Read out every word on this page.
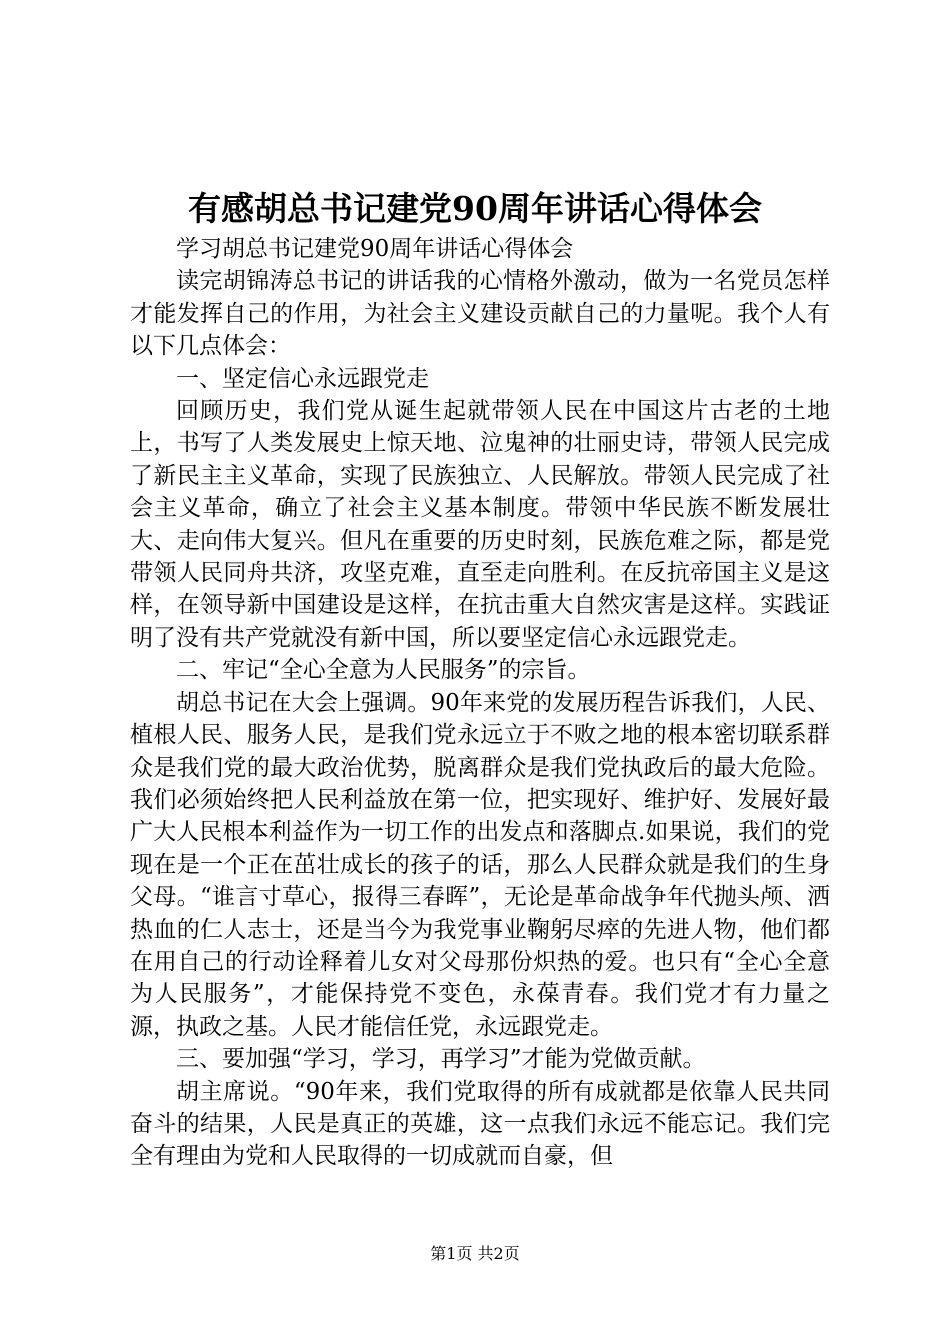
有感胡总书记建党90周年讲话心得体会

学习胡总书记建党90周年讲话心得体会

读完胡锦涛总书记的讲话我的心情格外激动，做为一名党员怎样才能发挥自己的作用，为社会主义建设贡献自己的力量呢。我个人有以下几点体会：

一、坚定信心永远跟党走

回顾历史，我们党从诞生起就带领人民在中国这片古老的土地上，书写了人类发展史上惊天地、泣鬼神的壮丽史诗，带领人民完成了新民主主义革命，实现了民族独立、人民解放。带领人民完成了社会主义革命，确立了社会主义基本制度。带领中华民族不断发展壮大、走向伟大复兴。但凡在重要的历史时刻，民族危难之际，都是党带领人民同舟共济，攻坚克难，直至走向胜利。在反抗帝国主义是这样，在领导新中国建设是这样，在抗击重大自然灾害是这样。实践证明了没有共产党就没有新中国，所以要坚定信心永远跟党走。

二、牢记“全心全意为人民服务”的宗旨。

胡总书记在大会上强调。90年来党的发展历程告诉我们，人民、植根人民、服务人民，是我们党永远立于不败之地的根本密切联系群众是我们党的最大政治优势，脱离群众是我们党执政后的最大危险。我们必须始终把人民利益放在第一位，把实现好、维护好、发展好最广大人民根本利益作为一切工作的出发点和落脚点.如果说，我们的党现在是一个正在茁壮成长的孩子的话，那么人民群众就是我们的生身父母。“谁言寸草心，报得三春晖”，无论是革命战争年代抛头颅、洒热血的仁人志士，还是当今为我党事业鞠躬尽瘁的先进人物，他们都在用自己的行动诠释着儿女对父母那份炽热的爱。也只有“全心全意为人民服务”，才能保持党不变色，永葆青春。我们党才有力量之源，执政之基。人民才能信任党，永远跟党走。

三、要加强“学习，学习，再学习”才能为党做贡献。

胡主席说。“90年来，我们党取得的所有成就都是依靠人民共同奋斗的结果，人民是真正的英雄，这一点我们永远不能忘记。我们完全有理由为党和人民取得的一切成就而自豪，但

第1页 共2页
